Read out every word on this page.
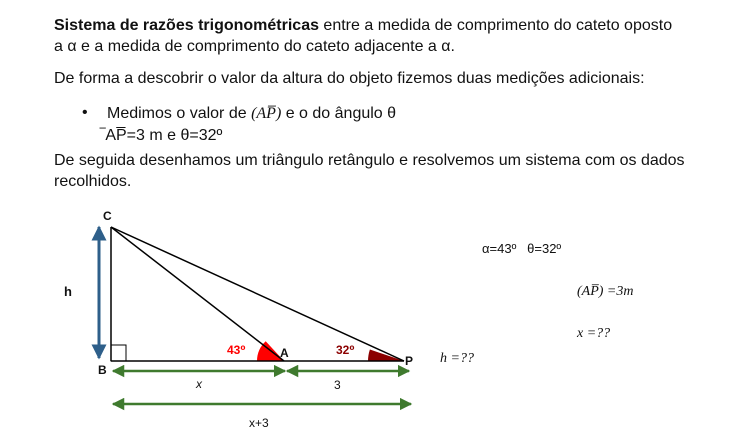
Sistema de razões trigonométricas entre a medida de comprimento do cateto oposto
a α e a medida de comprimento do cateto adjacente a α.
De forma a descobrir o valor da altura do objeto fizemos duas medições adicionais:
• Medimos o valor de (AP̅) e o do ângulo θ
‾AP̅=3 m e θ=32º
De seguida desenhamos um triângulo retângulo e resolvemos um sistema com os dados
recolhidos.
C
B
A
P
h
43⁰	32⁰
x	3
x+3
α=43º   θ=32º
(AP̅) =3m
x =??
h =??
